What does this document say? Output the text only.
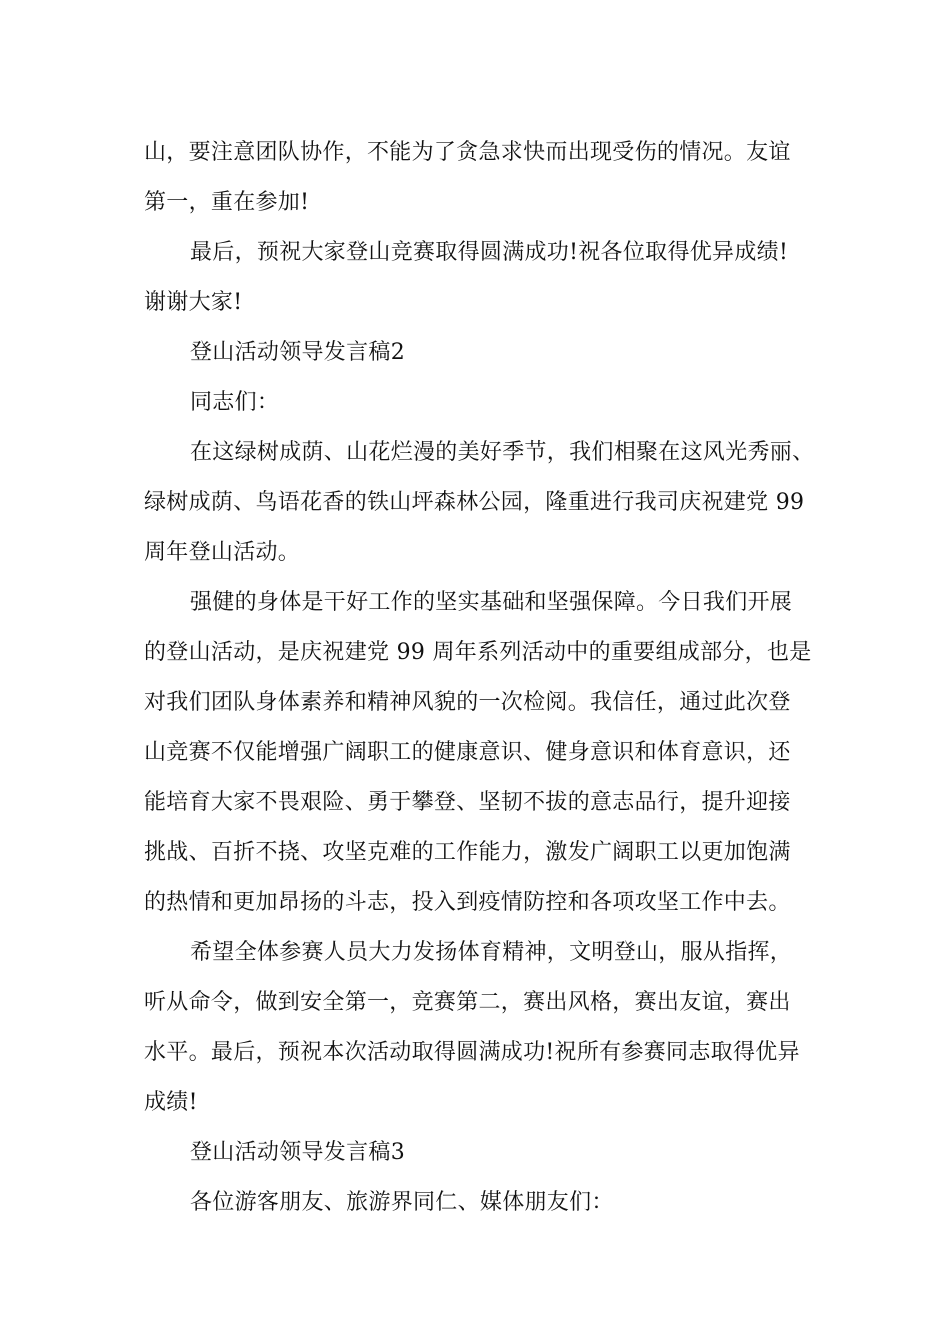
山，要注意团队协作，不能为了贪急求快而出现受伤的情况。友谊
第一，重在参加!
最后，预祝大家登山竞赛取得圆满成功!祝各位取得优异成绩!
谢谢大家!
登山活动领导发言稿2
同志们：
在这绿树成荫、山花烂漫的美好季节，我们相聚在这风光秀丽、
绿树成荫、鸟语花香的铁山坪森林公园，隆重进行我司庆祝建党 99
周年登山活动。
强健的身体是干好工作的坚实基础和坚强保障。今日我们开展
的登山活动，是庆祝建党 99 周年系列活动中的重要组成部分，也是
对我们团队身体素养和精神风貌的一次检阅。我信任，通过此次登
山竞赛不仅能增强广阔职工的健康意识、健身意识和体育意识，还
能培育大家不畏艰险、勇于攀登、坚韧不拔的意志品行，提升迎接
挑战、百折不挠、攻坚克难的工作能力，激发广阔职工以更加饱满
的热情和更加昂扬的斗志，投入到疫情防控和各项攻坚工作中去。
希望全体参赛人员大力发扬体育精神，文明登山，服从指挥，
听从命令，做到安全第一，竞赛第二，赛出风格，赛出友谊，赛出
水平。最后，预祝本次活动取得圆满成功!祝所有参赛同志取得优异
成绩!
登山活动领导发言稿3
各位游客朋友、旅游界同仁、媒体朋友们：
